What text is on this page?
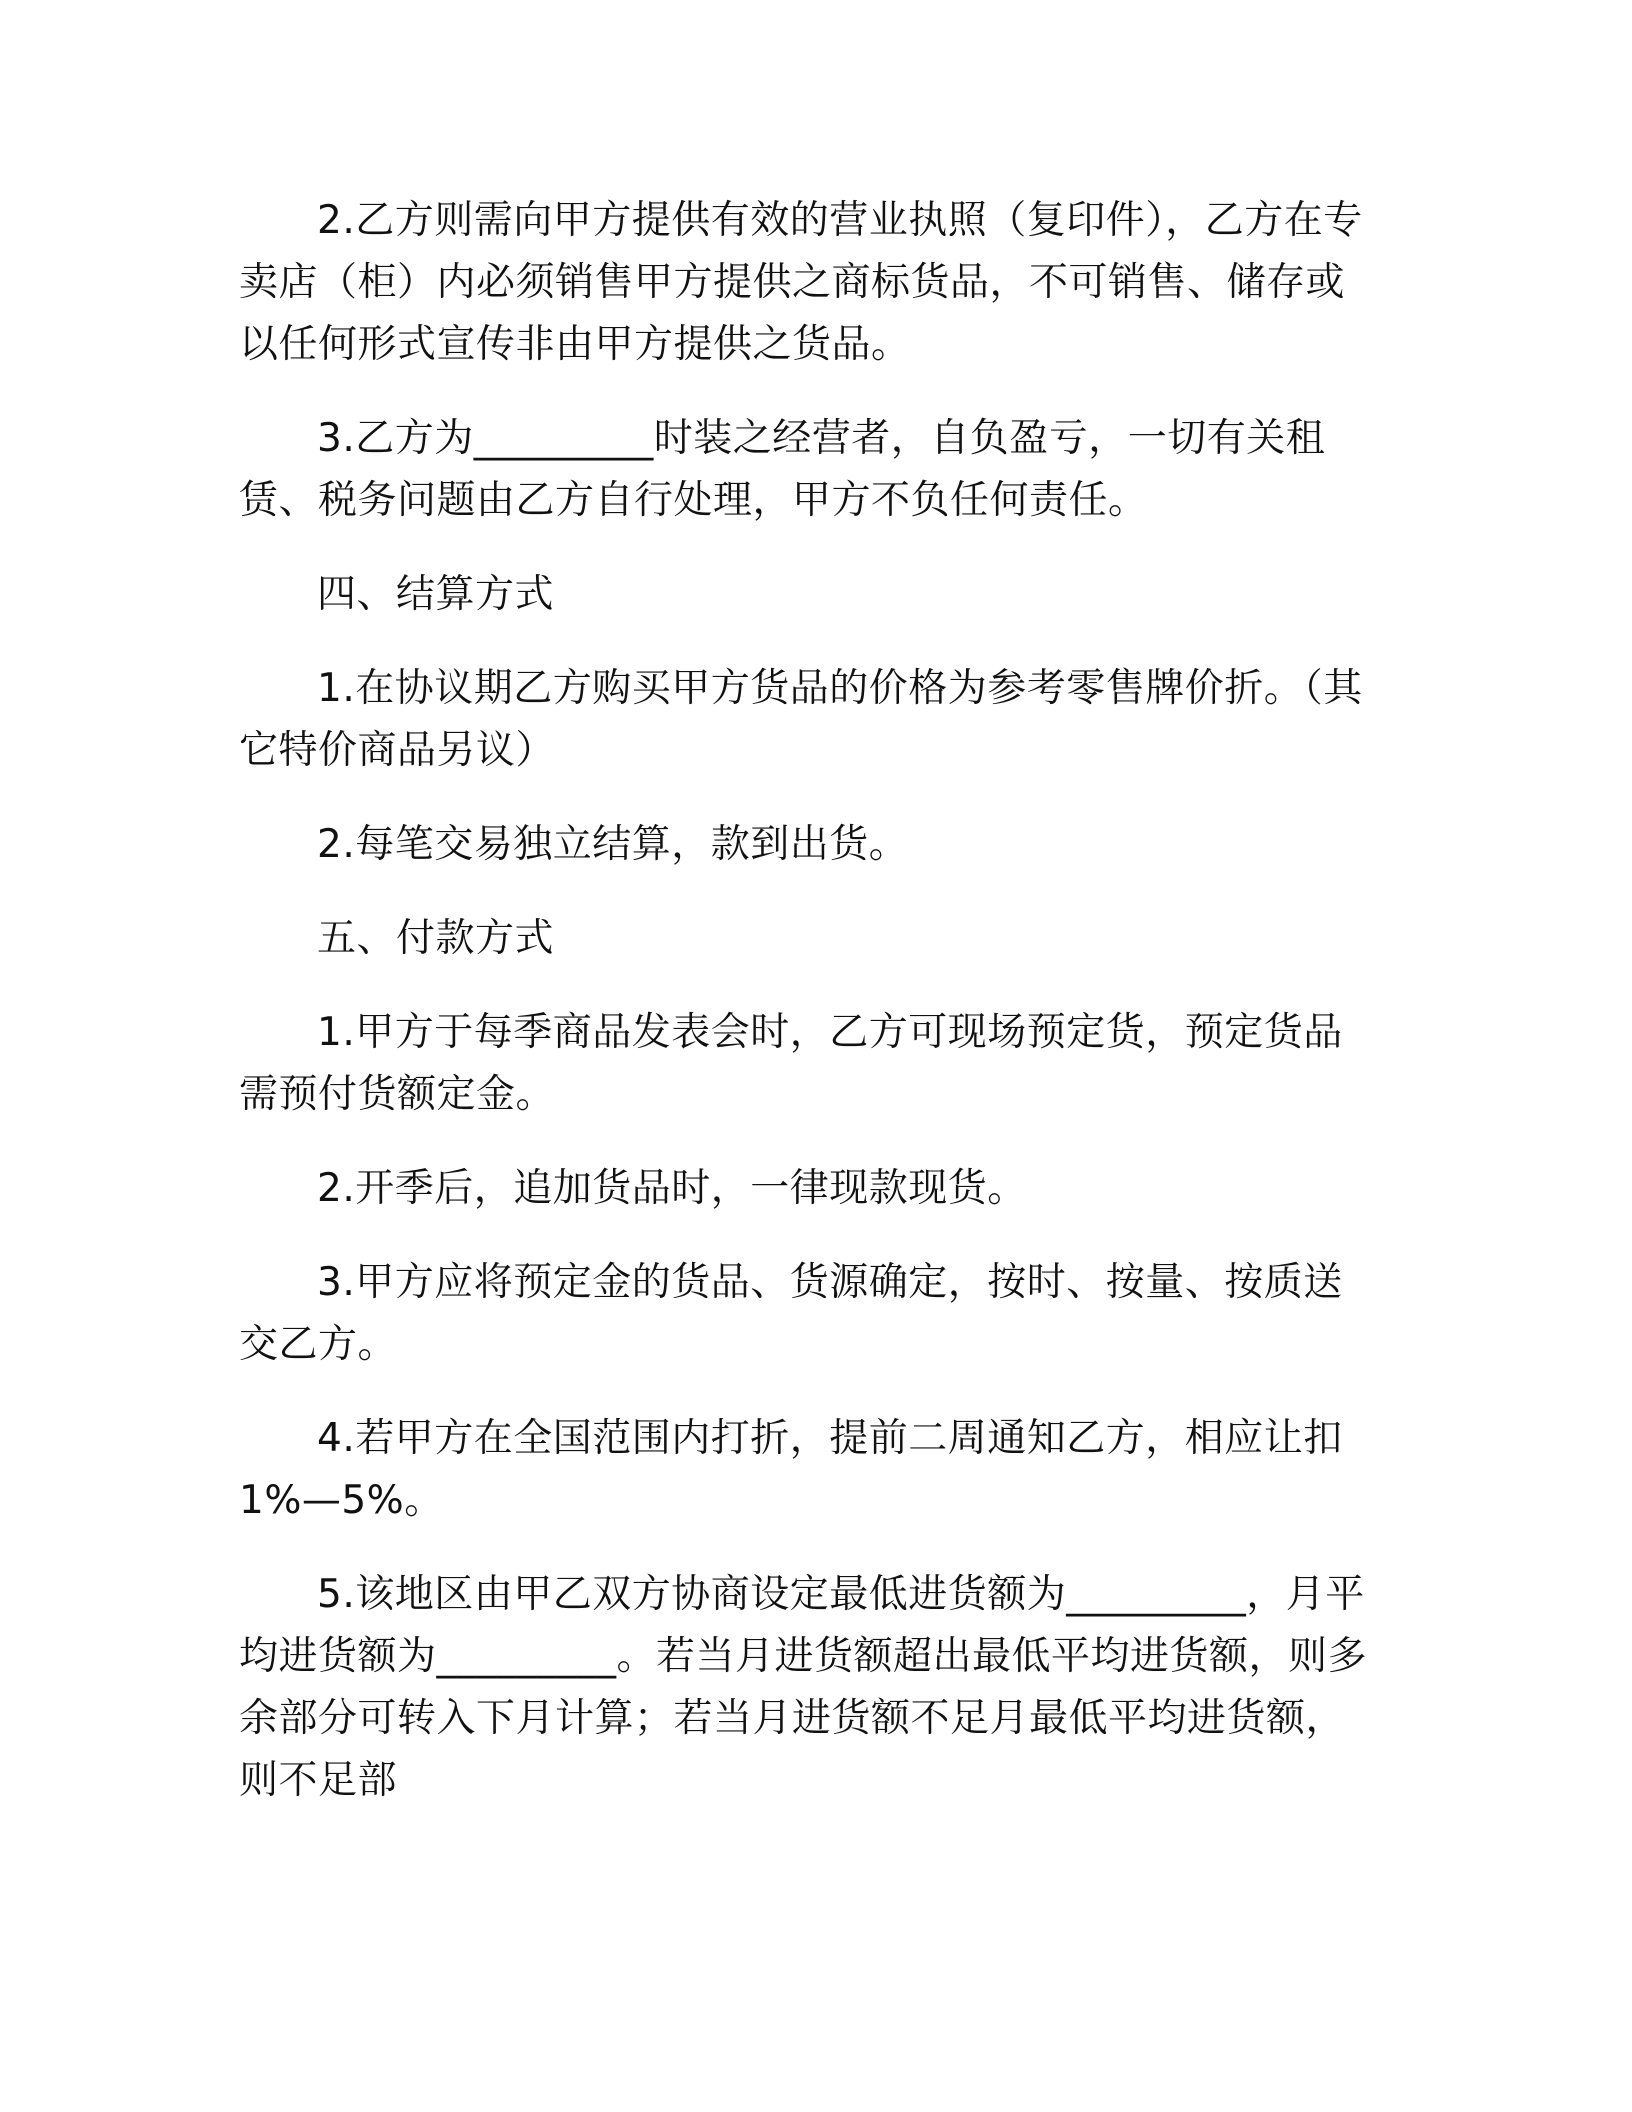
2.乙方则需向甲方提供有效的营业执照（复印件），乙方在专卖店（柜）内必须销售甲方提供之商标货品，不可销售、储存或以任何形式宣传非由甲方提供之货品。

3.乙方为_________时装之经营者，自负盈亏，一切有关租赁、税务问题由乙方自行处理，甲方不负任何责任。

四、结算方式

1.在协议期乙方购买甲方货品的价格为参考零售牌价折。（其它特价商品另议）

2.每笔交易独立结算，款到出货。

五、付款方式

1.甲方于每季商品发表会时，乙方可现场预定货，预定货品需预付货额定金。

2.开季后，追加货品时，一律现款现货。

3.甲方应将预定金的货品、货源确定，按时、按量、按质送交乙方。

4.若甲方在全国范围内打折，提前二周通知乙方，相应让扣 1%—5%。

5.该地区由甲乙双方协商设定最低进货额为_________，月平均进货额为_________。若当月进货额超出最低平均进货额，则多余部分可转入下月计算；若当月进货额不足月最低平均进货额，则不足部
